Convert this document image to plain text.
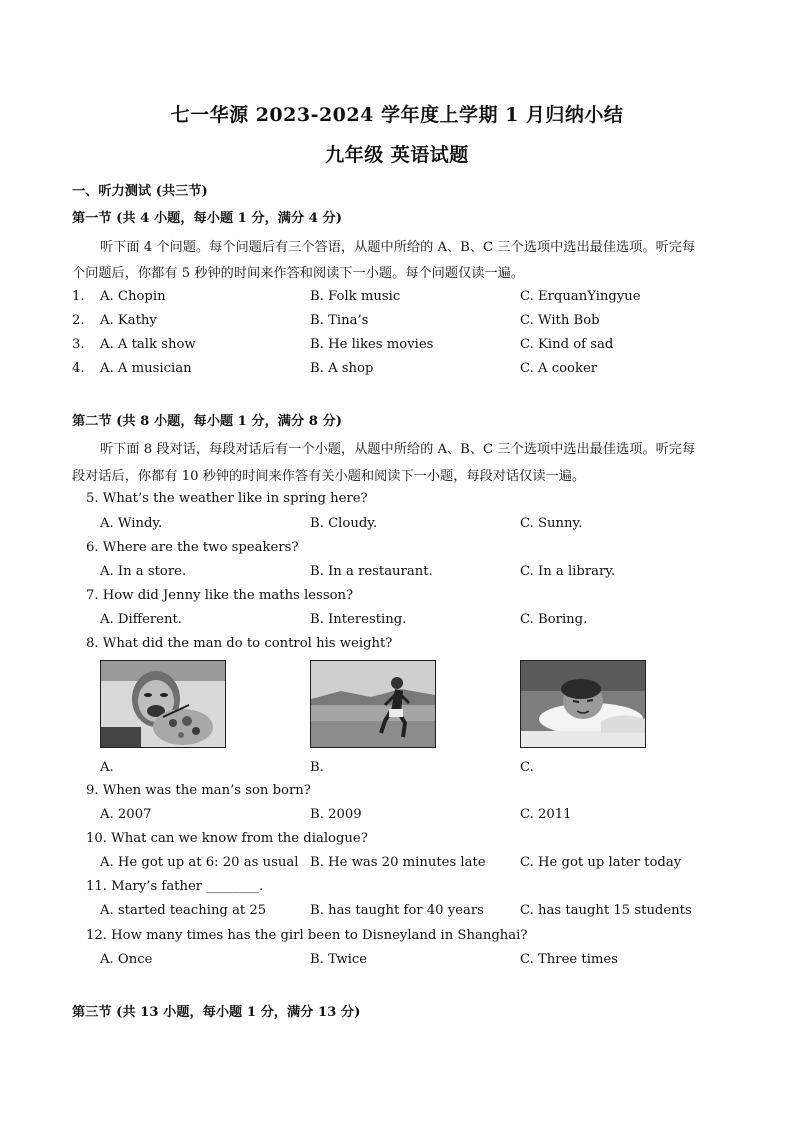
七一华源 2023-2024 学年度上学期 1 月归纳小结
九年级 英语试题
一、听力测试 (共三节)
第一节 (共 4 小题，每小题 1 分，满分 4 分)
听下面 4 个问题。每个问题后有三个答语，从题中所给的 A、B、C 三个选项中选出最佳选项。听完每
个问题后，你都有 5 秒钟的时间来作答和阅读下一小题。每个问题仅读一遍。
1. A. Chopin	B. Folk music	C. ErquanYingyue
2. A. Kathy	B. Tina’s	C. With Bob
3. A. A talk show	B. He likes movies	C. Kind of sad
4. A. A musician	B. A shop	C. A cooker
第二节 (共 8 小题，每小题 1 分，满分 8 分)
听下面 8 段对话，每段对话后有一个小题，从题中所给的 A、B、C 三个选项中选出最佳选项。听完每
段对话后，你都有 10 秒钟的时间来作答有关小题和阅读下一小题，每段对话仅读一遍。
5. What’s the weather like in spring here?
A. Windy.	B. Cloudy.	C. Sunny.
6. Where are the two speakers?
A. In a store.	B. In a restaurant.	C. In a library.
7. How did Jenny like the maths lesson?
A. Different.	B. Interesting.	C. Boring.
8. What did the man do to control his weight?
A.	B.	C.
9. When was the man’s son born?
A. 2007	B. 2009	C. 2011
10. What can we know from the dialogue?
A. He got up at 6: 20 as usual B. He was 20 minutes late	C. He got up later today
11. Mary’s father ________.
A. started teaching at 25	B. has taught for 40 years	C. has taught 15 students
12. How many times has the girl been to Disneyland in Shanghai?
A. Once	B. Twice	C. Three times
第三节 (共 13 小题，每小题 1 分，满分 13 分)
